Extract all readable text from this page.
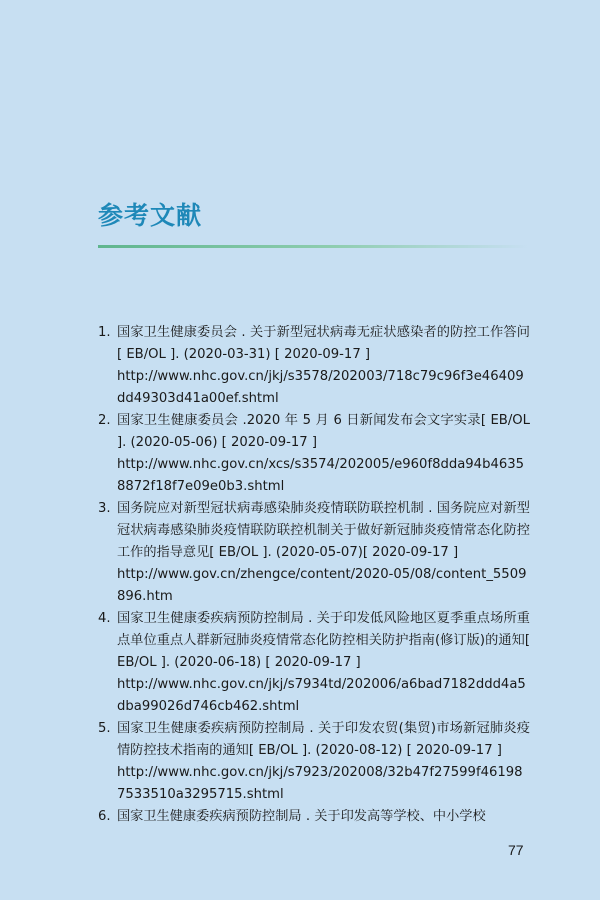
参考文献
1. 国家卫生健康委员会 . 关于新型冠状病毒无症状感染者的防控工作答问[ EB/OL ]. (2020-03-31) [ 2020-09-17 ]
http://www.nhc.gov.cn/jkj/s3578/202003/718c79c96f3e46409dd49303d41a00ef.shtml
2. 国家卫生健康委员会 .2020 年 5 月 6 日新闻发布会文字实录[ EB/OL ]. (2020-05-06) [ 2020-09-17 ]
http://www.nhc.gov.cn/xcs/s3574/202005/e960f8dda94b46358872f18f7e09e0b3.shtml
3. 国务院应对新型冠状病毒感染肺炎疫情联防联控机制 . 国务院应对新型冠状病毒感染肺炎疫情联防联控机制关于做好新冠肺炎疫情常态化防控工作的指导意见[ EB/OL ]. (2020-05-07)[ 2020-09-17 ]
http://www.gov.cn/zhengce/content/2020-05/08/content_5509896.htm
4. 国家卫生健康委疾病预防控制局 . 关于印发低风险地区夏季重点场所重点单位重点人群新冠肺炎疫情常态化防控相关防护指南(修订版)的通知[ EB/OL ]. (2020-06-18) [ 2020-09-17 ]
http://www.nhc.gov.cn/jkj/s7934td/202006/a6bad7182ddd4a5dba99026d746cb462.shtml
5. 国家卫生健康委疾病预防控制局 . 关于印发农贸(集贸)市场新冠肺炎疫情防控技术指南的通知[ EB/OL ]. (2020-08-12) [ 2020-09-17 ]
http://www.nhc.gov.cn/jkj/s7923/202008/32b47f27599f461987533510a3295715.shtml
6. 国家卫生健康委疾病预防控制局 . 关于印发高等学校、中小学校
77
